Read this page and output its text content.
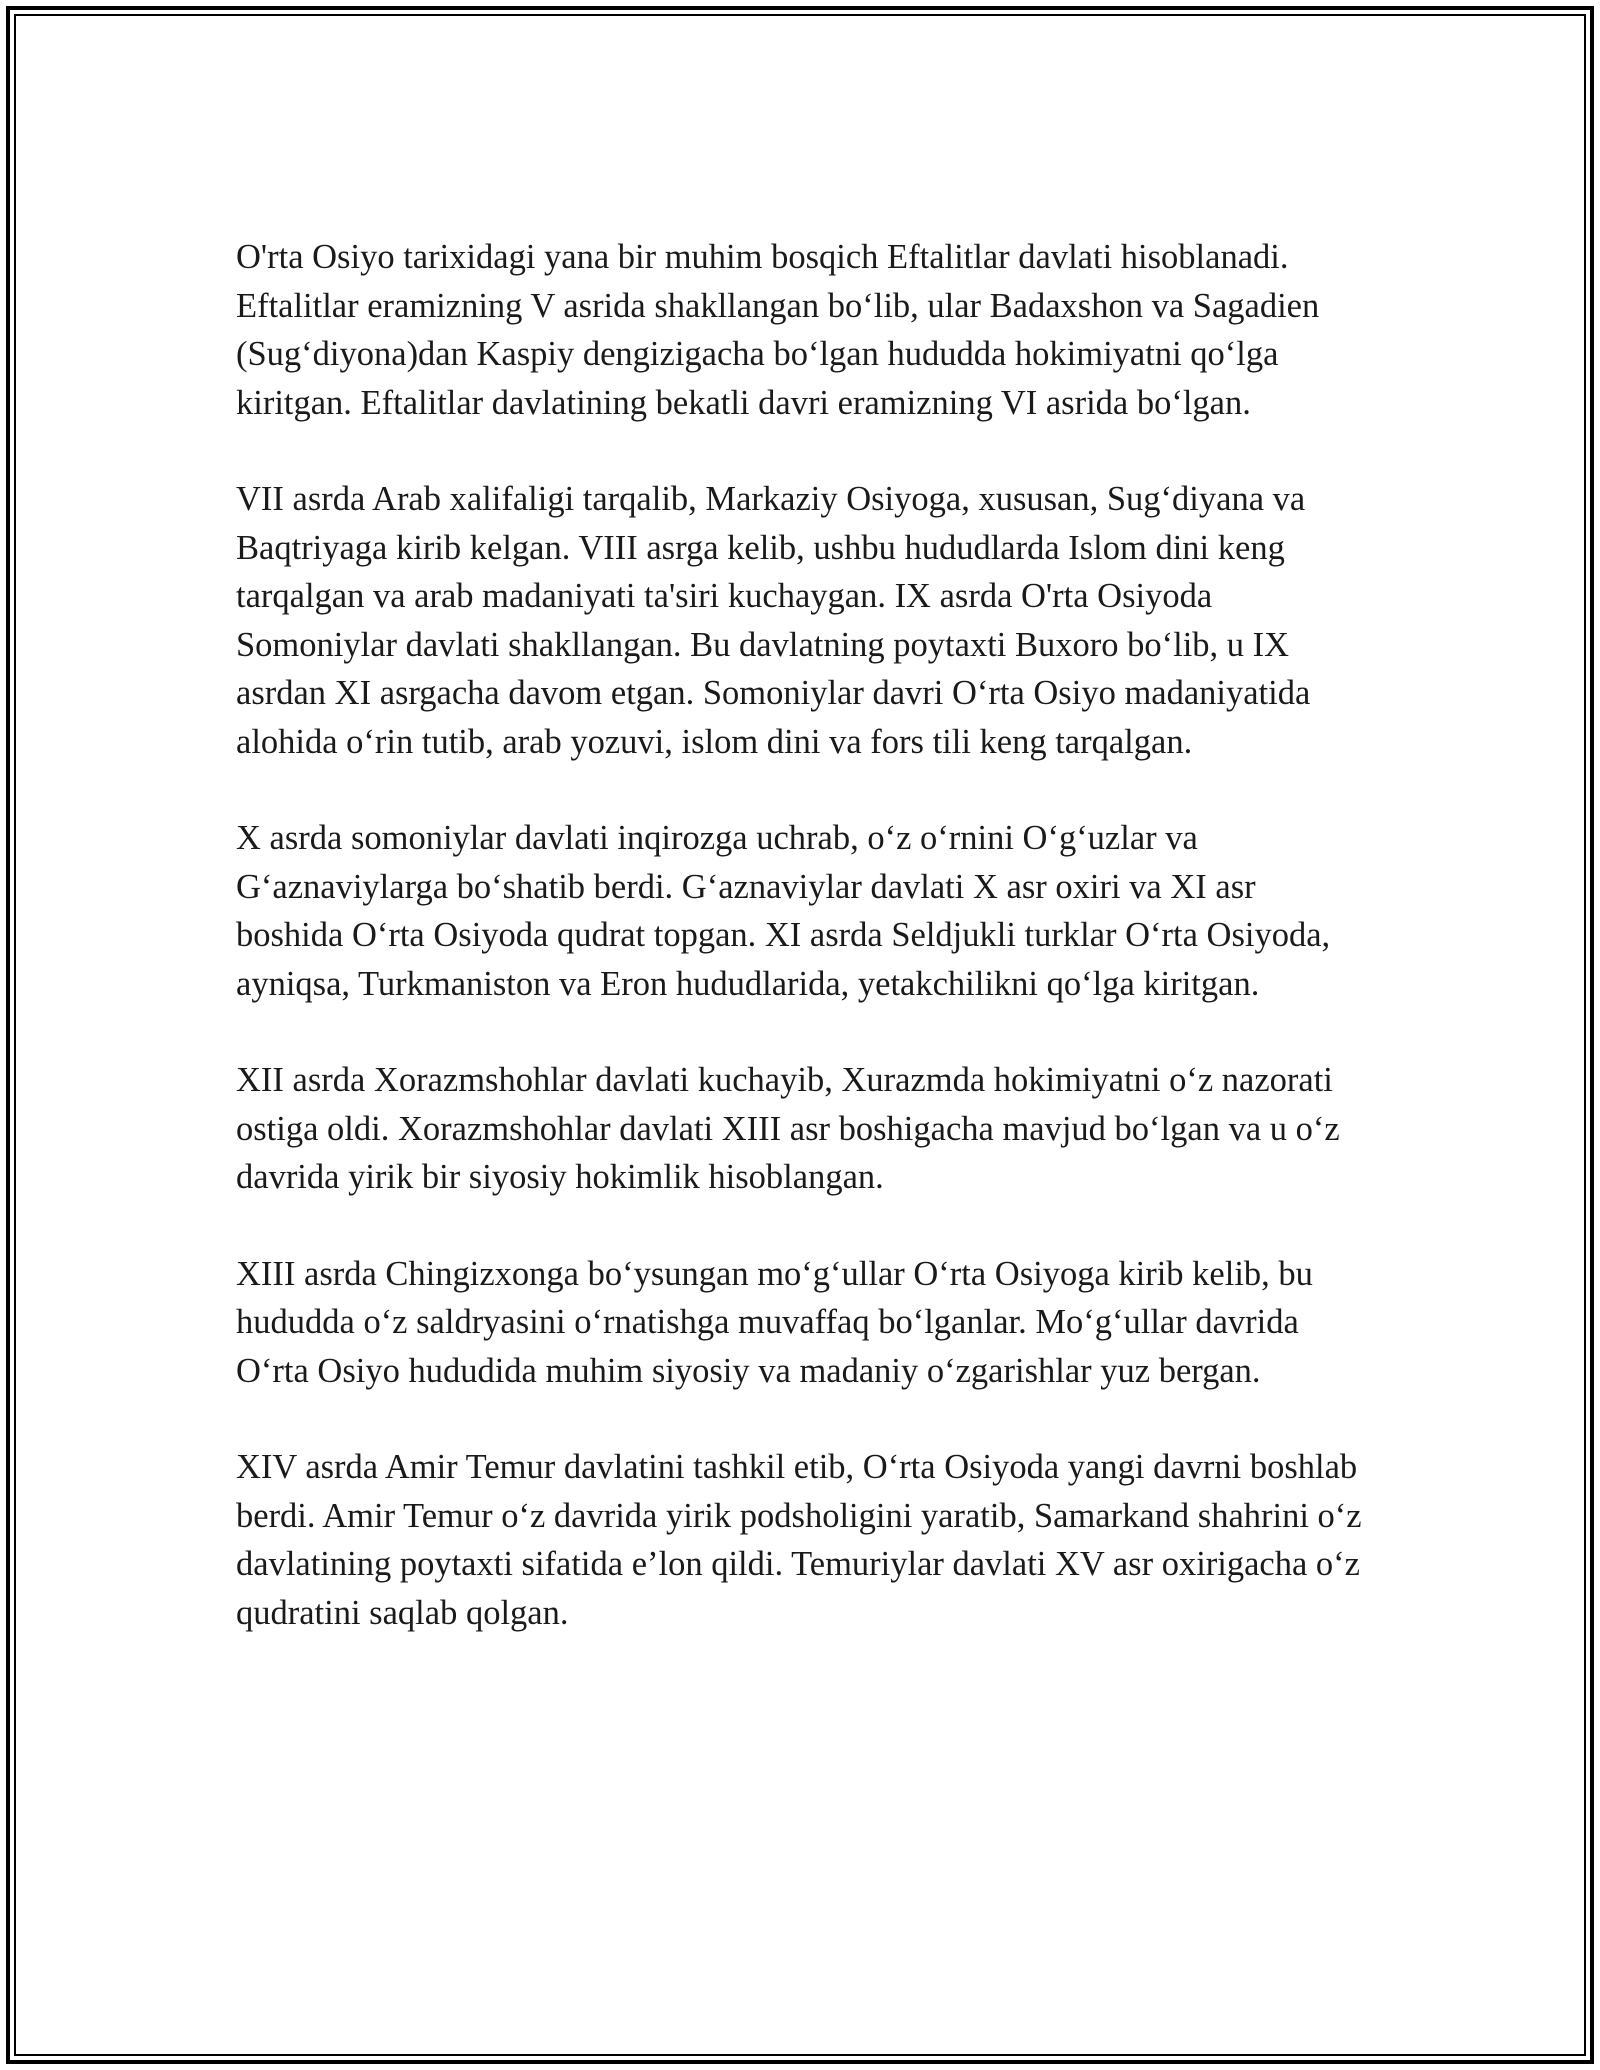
O'rta Osiyo tarixidagi yana bir muhim bosqich Eftalitlar davlati hisoblanadi. Eftalitlar eramizning V asrida shakllangan bo‘lib, ular Badaxshon va Sagadien (Sug‘diyona)dan Kaspiy dengizigacha bo‘lgan hududda hokimiyatni qo‘lga kiritgan. Eftalitlar davlatining bekatli davri eramizning VI asrida bo‘lgan.

VII asrda Arab xalifaligi tarqalib, Markaziy Osiyoga, xususan, Sug‘diyana va Baqtriyaga kirib kelgan. VIII asrga kelib, ushbu hududlarda Islom dini keng tarqalgan va arab madaniyati ta'siri kuchaygan. IX asrda O'rta Osiyoda Somoniylar davlati shakllangan. Bu davlatning poytaxti Buxoro bo‘lib, u IX asrdan XI asrgacha davom etgan. Somoniylar davri O‘rta Osiyo madaniyatida alohida o‘rin tutib, arab yozuvi, islom dini va fors tili keng tarqalgan.

X asrda somoniylar davlati inqirozga uchrab, o‘z o‘rnini O‘g‘uzlar va G‘aznaviylarga bo‘shatib berdi. G‘aznaviylar davlati X asr oxiri va XI asr boshida O‘rta Osiyoda qudrat topgan. XI asrda Seldjukli turklar O‘rta Osiyoda, ayniqsa, Turkmaniston va Eron hududlarida, yetakchilikni qo‘lga kiritgan.

XII asrda Xorazmshohlar davlati kuchayib, Xurazmda hokimiyatni o‘z nazorati ostiga oldi. Xorazmshohlar davlati XIII asr boshigacha mavjud bo‘lgan va u o‘z davrida yirik bir siyosiy hokimlik hisoblangan.

XIII asrda Chingizxonga bo‘ysungan mo‘g‘ullar O‘rta Osiyoga kirib kelib, bu hududda o‘z saldryasini o‘rnatishga muvaffaq bo‘lganlar. Mo‘g‘ullar davrida O‘rta Osiyo hududida muhim siyosiy va madaniy o‘zgarishlar yuz bergan.

XIV asrda Amir Temur davlatini tashkil etib, O‘rta Osiyoda yangi davrni boshlab berdi. Amir Temur o‘z davrida yirik podsholigini yaratib, Samarkand shahrini o‘z davlatining poytaxti sifatida e’lon qildi. Temuriylar davlati XV asr oxirigacha o‘z qudratini saqlab qolgan.
